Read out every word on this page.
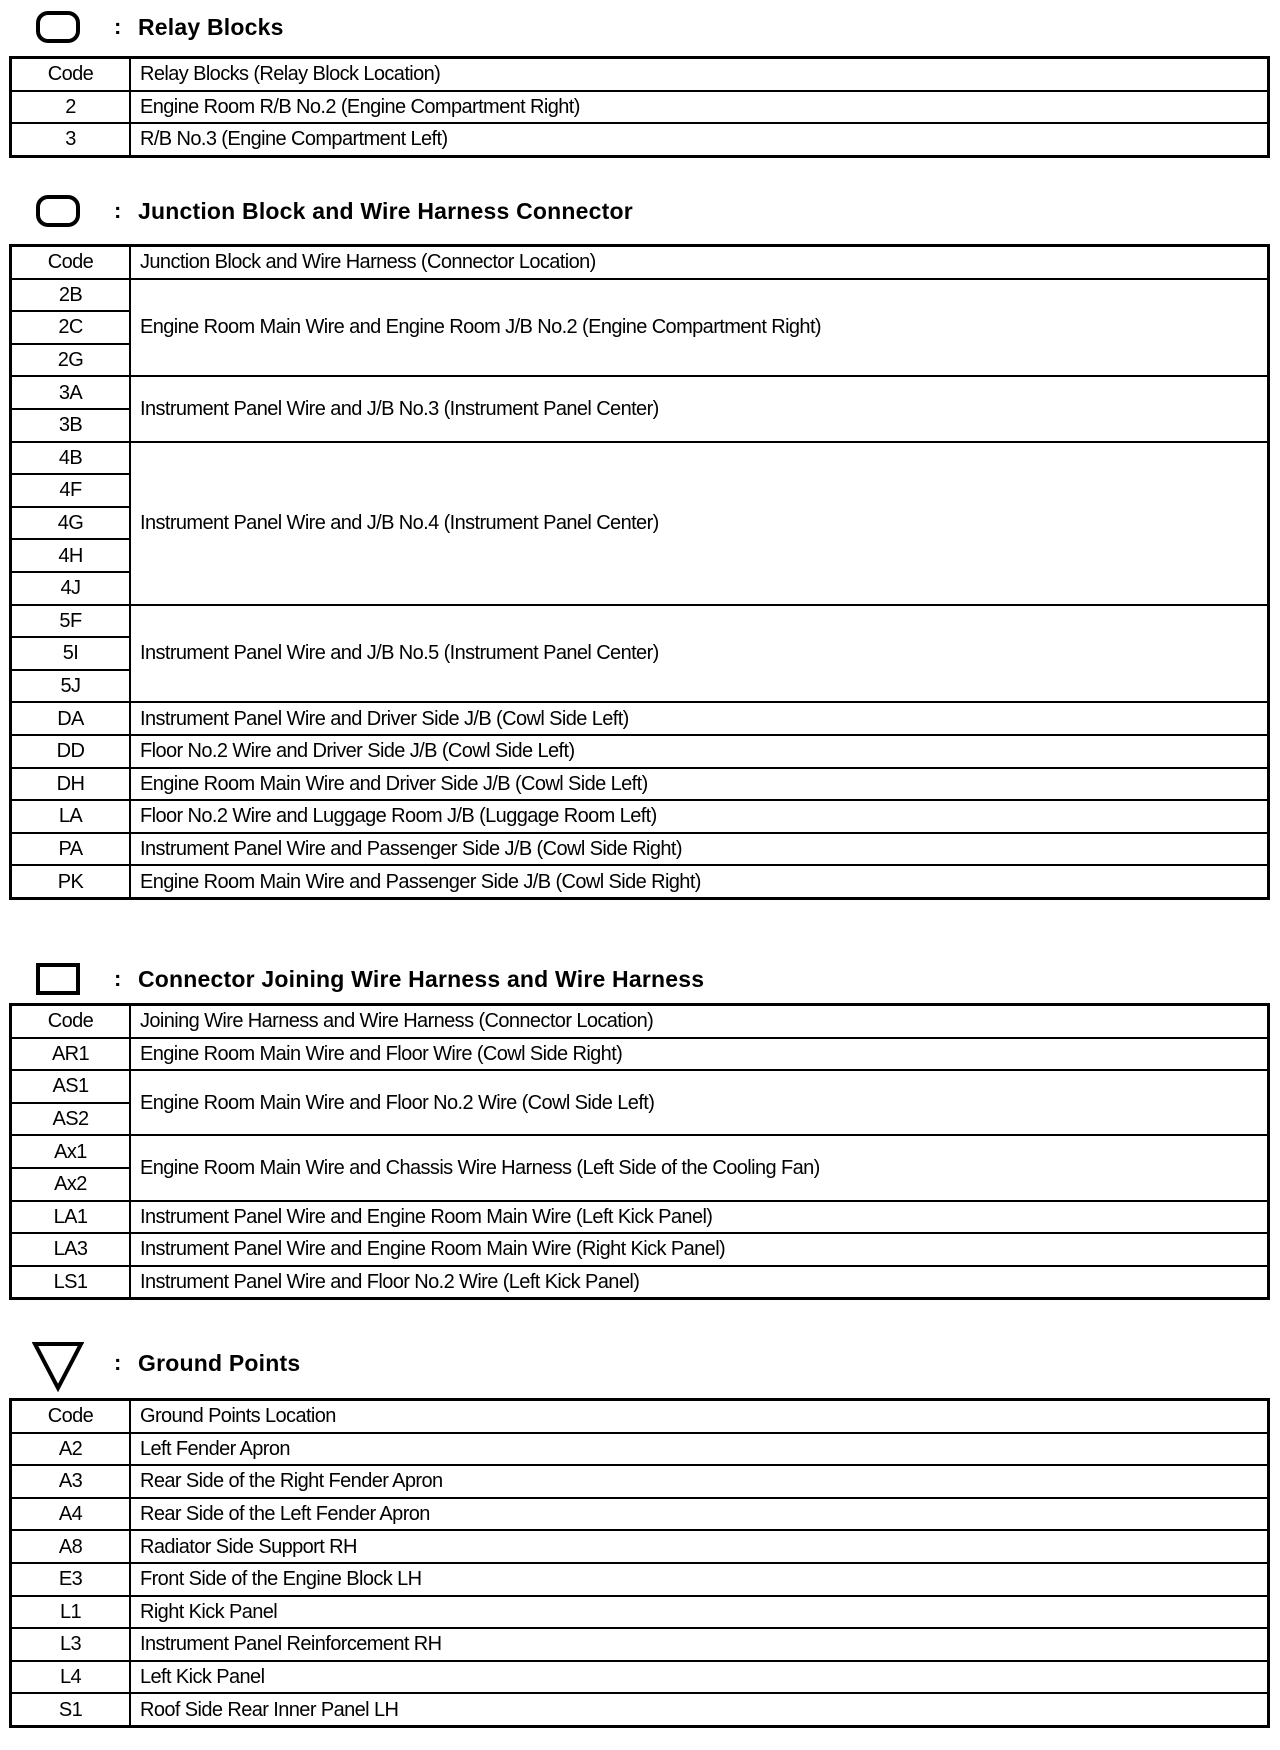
: Relay Blocks
Code	Relay Blocks (Relay Block Location)
2	Engine Room R/B No.2 (Engine Compartment Right)
3	R/B No.3 (Engine Compartment Left)
: Junction Block and Wire Harness Connector
Code	Junction Block and Wire Harness (Connector Location)
2B	Engine Room Main Wire and Engine Room J/B No.2 (Engine Compartment Right)
2C	
2G	
3A	Instrument Panel Wire and J/B No.3 (Instrument Panel Center)
3B	
4B	Instrument Panel Wire and J/B No.4 (Instrument Panel Center)
4F	
4G	
4H	
4J	
5F	Instrument Panel Wire and J/B No.5 (Instrument Panel Center)
5I	
5J	
DA	Instrument Panel Wire and Driver Side J/B (Cowl Side Left)
DD	Floor No.2 Wire and Driver Side J/B (Cowl Side Left)
DH	Engine Room Main Wire and Driver Side J/B (Cowl Side Left)
LA	Floor No.2 Wire and Luggage Room J/B (Luggage Room Left)
PA	Instrument Panel Wire and Passenger Side J/B (Cowl Side Right)
PK	Engine Room Main Wire and Passenger Side J/B (Cowl Side Right)
: Connector Joining Wire Harness and Wire Harness
Code	Joining Wire Harness and Wire Harness (Connector Location)
AR1	Engine Room Main Wire and Floor Wire (Cowl Side Right)
AS1	Engine Room Main Wire and Floor No.2 Wire (Cowl Side Left)
AS2	
Ax1	Engine Room Main Wire and Chassis Wire Harness (Left Side of the Cooling Fan)
Ax2	
LA1	Instrument Panel Wire and Engine Room Main Wire (Left Kick Panel)
LA3	Instrument Panel Wire and Engine Room Main Wire (Right Kick Panel)
LS1	Instrument Panel Wire and Floor No.2 Wire (Left Kick Panel)
: Ground Points
Code	Ground Points Location
A2	Left Fender Apron
A3	Rear Side of the Right Fender Apron
A4	Rear Side of the Left Fender Apron
A8	Radiator Side Support RH
E3	Front Side of the Engine Block LH
L1	Right Kick Panel
L3	Instrument Panel Reinforcement RH
L4	Left Kick Panel
S1	Roof Side Rear Inner Panel LH
